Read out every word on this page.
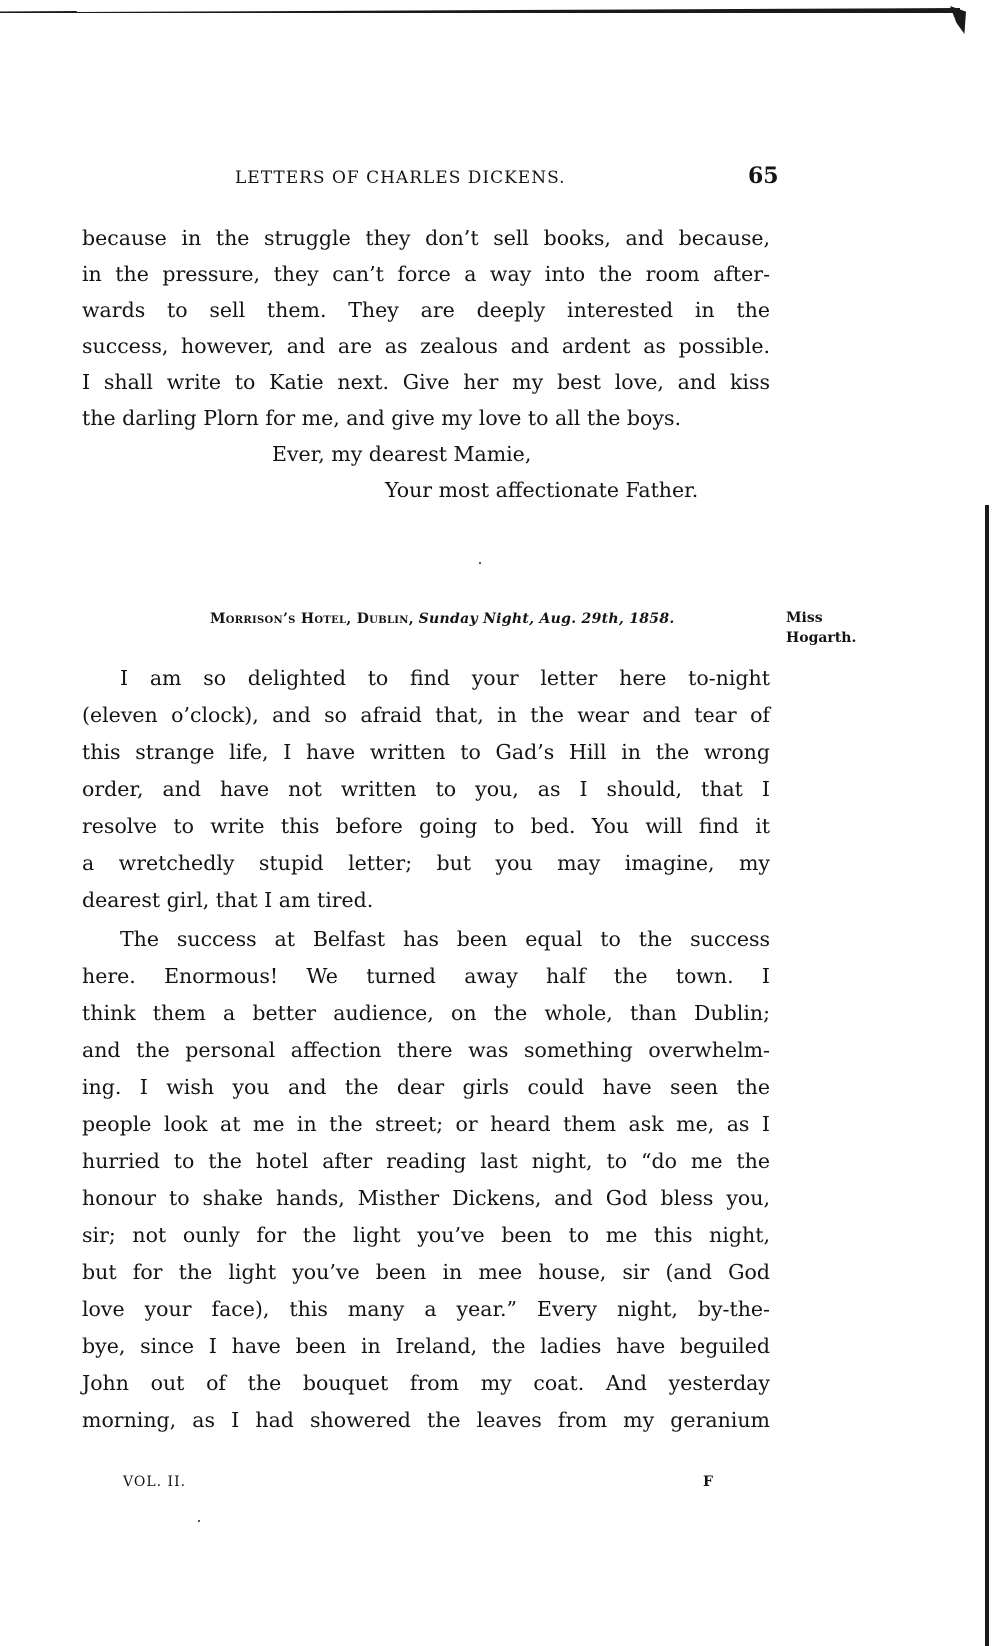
LETTERS OF CHARLES DICKENS.	65
because in the struggle they don’t sell books, and because,
in the pressure, they can’t force a way into the room after-
wards to sell them. They are deeply interested in the
success, however, and are as zealous and ardent as possible.
I shall write to Katie next. Give her my best love, and kiss
the darling Plorn for me, and give my love to all the boys.
Ever, my dearest Mamie,
Your most affectionate Father.
Morrison’s Hotel, Dublin, Sunday Night, Aug. 29th, 1858.	Miss
Hogarth.
I am so delighted to find your letter here to-night
(eleven o’clock), and so afraid that, in the wear and tear of
this strange life, I have written to Gad’s Hill in the wrong
order, and have not written to you, as I should, that I
resolve to write this before going to bed. You will find it
a wretchedly stupid letter; but you may imagine, my
dearest girl, that I am tired.
The success at Belfast has been equal to the success
here. Enormous! We turned away half the town. I
think them a better audience, on the whole, than Dublin;
and the personal affection there was something overwhelm-
ing. I wish you and the dear girls could have seen the
people look at me in the street; or heard them ask me, as I
hurried to the hotel after reading last night, to “do me the
honour to shake hands, Misther Dickens, and God bless you,
sir; not ounly for the light you’ve been to me this night,
but for the light you’ve been in mee house, sir (and God
love your face), this many a year.” Every night, by-the-
bye, since I have been in Ireland, the ladies have beguiled
John out of the bouquet from my coat. And yesterday
morning, as I had showered the leaves from my geranium
VOL. II.	F
